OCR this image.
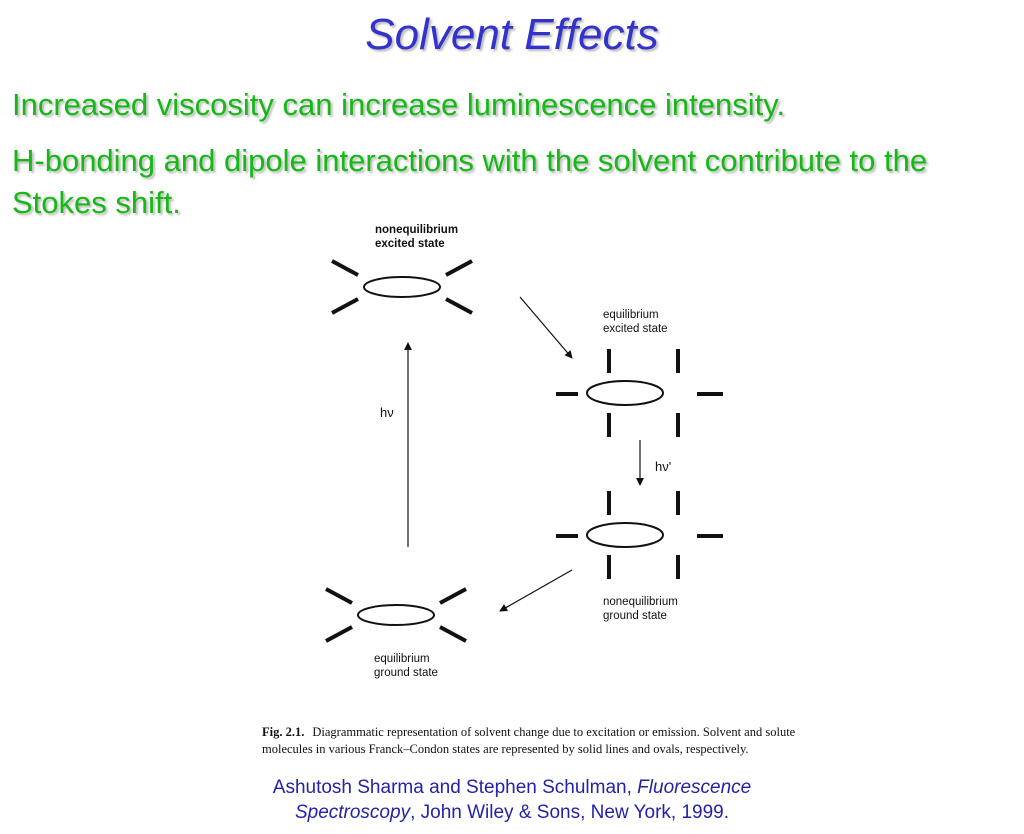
Solvent Effects
Increased viscosity can increase luminescence intensity.
H-bonding and dipole interactions with the solvent contribute to the Stokes shift.
nonequilibrium
excited state
equilibrium
excited state
hν
hν'
nonequilibrium
ground state
equilibrium
ground state
Fig. 2.1. Diagrammatic representation of solvent change due to excitation or emission. Solvent and solute molecules in various Franck–Condon states are represented by solid lines and ovals, respectively.
Ashutosh Sharma and Stephen Schulman, Fluorescence Spectroscopy, John Wiley & Sons, New York, 1999.
